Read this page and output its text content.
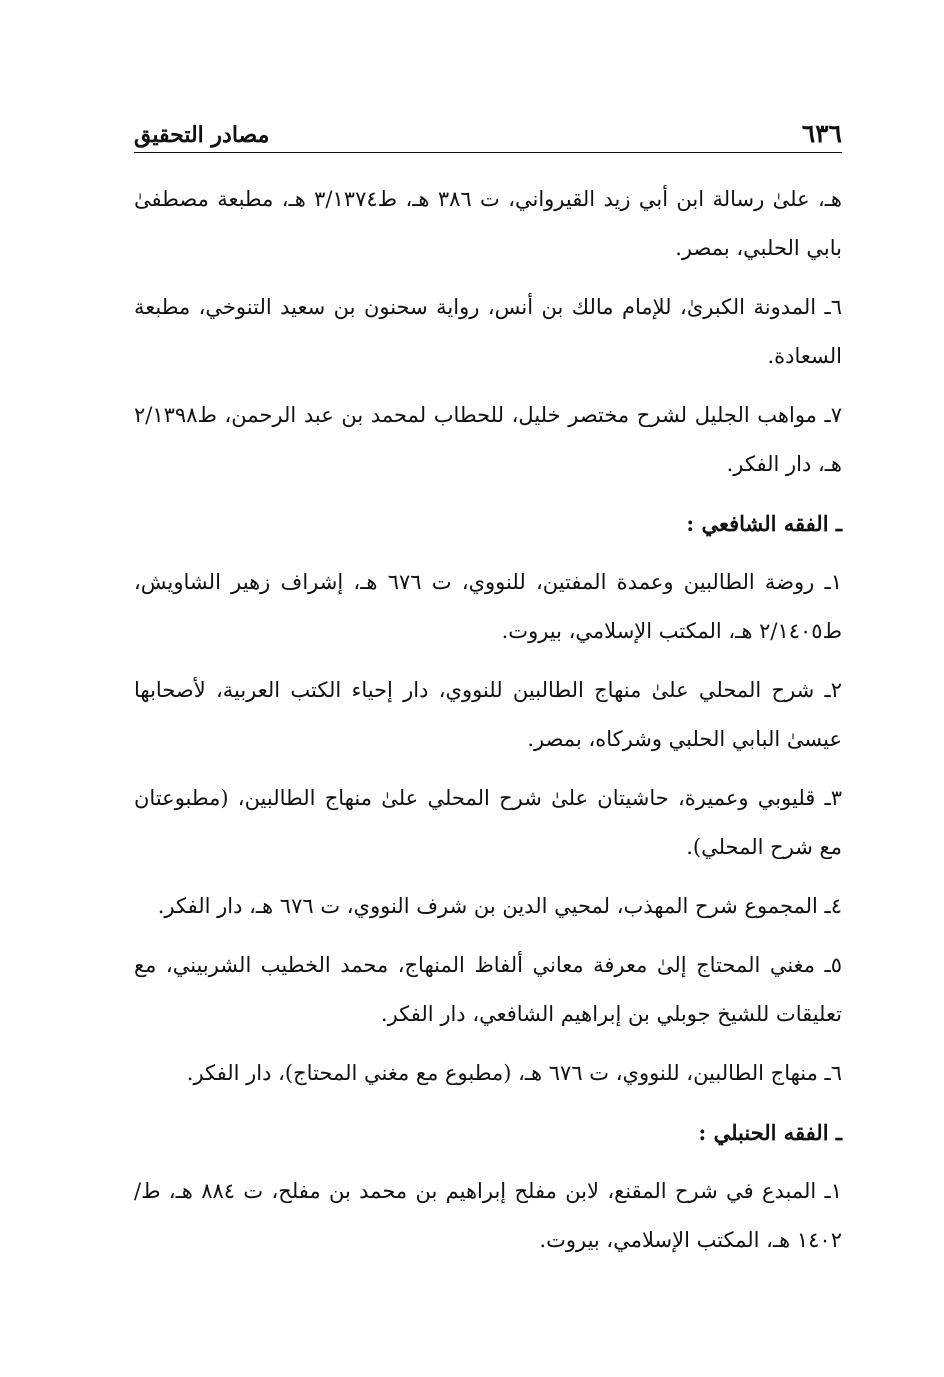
٦٣٦
مصادر التحقيق

هـ، علىٰ رسالة ابن أبي زيد القيرواني، ت ٣٨٦ هـ، ط٣/١٣٧٤ هـ، مطبعة مصطفىٰ بابي الحلبي، بمصر.

٦ـ المدونة الكبرىٰ، للإمام مالك بن أنس، رواية سحنون بن سعيد التنوخي، مطبعة السعادة.

٧ـ مواهب الجليل لشرح مختصر خليل، للحطاب لمحمد بن عبد الرحمن، ط٢/١٣٩٨ هـ، دار الفكر.

ـ الفقه الشافعي :

١ـ روضة الطالبين وعمدة المفتين، للنووي، ت ٦٧٦ هـ، إشراف زهير الشاويش، ط٢/١٤٠٥ هـ، المكتب الإسلامي، بيروت.

٢ـ شرح المحلي علىٰ منهاج الطالبين للنووي، دار إحياء الكتب العربية، لأصحابها عيسىٰ البابي الحلبي وشركاه، بمصر.

٣ـ قليوبي وعميرة، حاشيتان علىٰ شرح المحلي علىٰ منهاج الطالبين، (مطبوعتان مع شرح المحلي).

٤ـ المجموع شرح المهذب، لمحيي الدين بن شرف النووي، ت ٦٧٦ هـ، دار الفكر.

٥ـ مغني المحتاج إلىٰ معرفة معاني ألفاظ المنهاج، محمد الخطيب الشربيني، مع تعليقات للشيخ جوبلي بن إبراهيم الشافعي، دار الفكر.

٦ـ منهاج الطالبين، للنووي، ت ٦٧٦ هـ، (مطبوع مع مغني المحتاج)، دار الفكر.

ـ الفقه الحنبلي :

١ـ المبدع في شرح المقنع، لابن مفلح إبراهيم بن محمد بن مفلح، ت ٨٨٤ هـ، ط/١٤٠٢ هـ، المكتب الإسلامي، بيروت.
